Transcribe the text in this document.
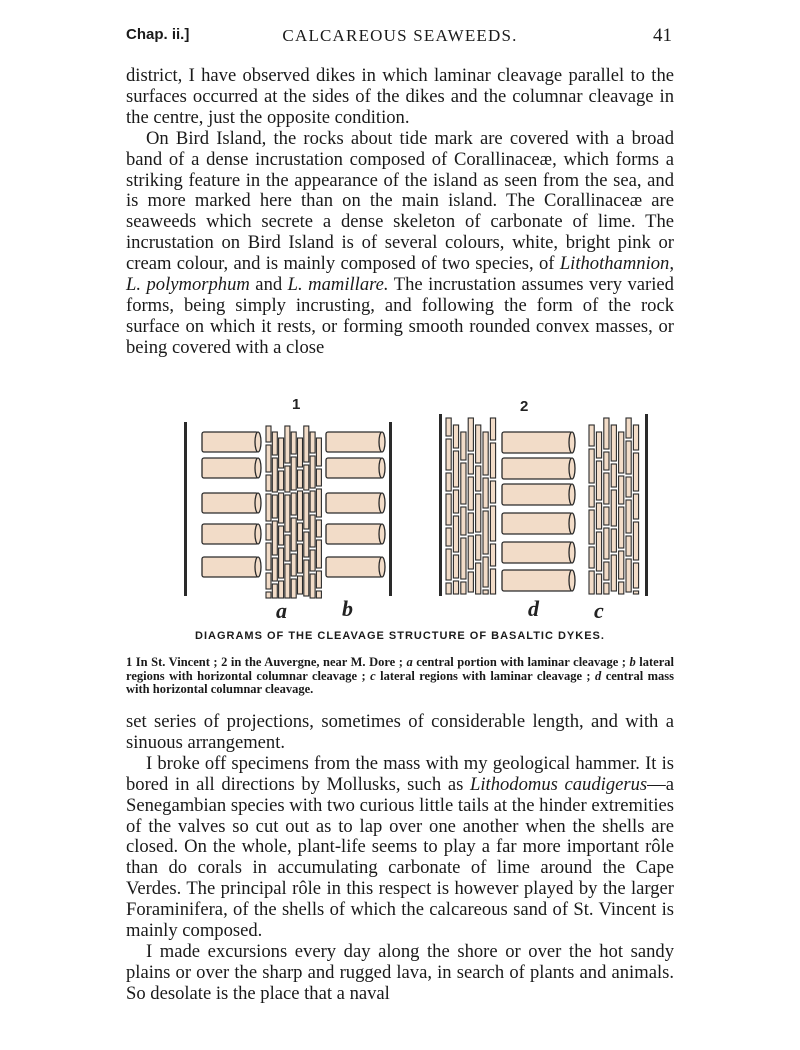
Chap. ii.]	CALCAREOUS SEAWEEDS.	41

district, I have observed dikes in which laminar cleavage parallel to the surfaces occurred at the sides of the dikes and the columnar cleavage in the centre, just the opposite condition.

On Bird Island, the rocks about tide mark are covered with a broad band of a dense incrustation composed of Corallinaceæ, which forms a striking feature in the appearance of the island as seen from the sea, and is more marked here than on the main island. The Corallinaceæ are seaweeds which secrete a dense skeleton of carbonate of lime. The incrustation on Bird Island is of several colours, white, bright pink or cream colour, and is mainly composed of two species, of Lithothamnion, L. polymorphum and L. mamillare. The incrustation assumes very varied forms, being simply incrusting, and following the form of the rock surface on which it rests, or forming smooth rounded convex masses, or being covered with a close

1	2
a	b	d	c
DIAGRAMS OF THE CLEAVAGE STRUCTURE OF BASALTIC DYKES.
1 In St. Vincent ; 2 in the Auvergne, near M. Dore ; a central portion with laminar cleavage ; b lateral regions with horizontal columnar cleavage ; c lateral regions with laminar cleavage ; d central mass with horizontal columnar cleavage.

set series of projections, sometimes of considerable length, and with a sinuous arrangement.

I broke off specimens from the mass with my geological hammer. It is bored in all directions by Mollusks, such as Lithodomus caudigerus—a Senegambian species with two curious little tails at the hinder extremities of the valves so cut out as to lap over one another when the shells are closed. On the whole, plant-life seems to play a far more important rôle than do corals in accumulating carbonate of lime around the Cape Verdes. The principal rôle in this respect is however played by the larger Foraminifera, of the shells of which the calcareous sand of St. Vincent is mainly composed.

I made excursions every day along the shore or over the hot sandy plains or over the sharp and rugged lava, in search of plants and animals. So desolate is the place that a naval
